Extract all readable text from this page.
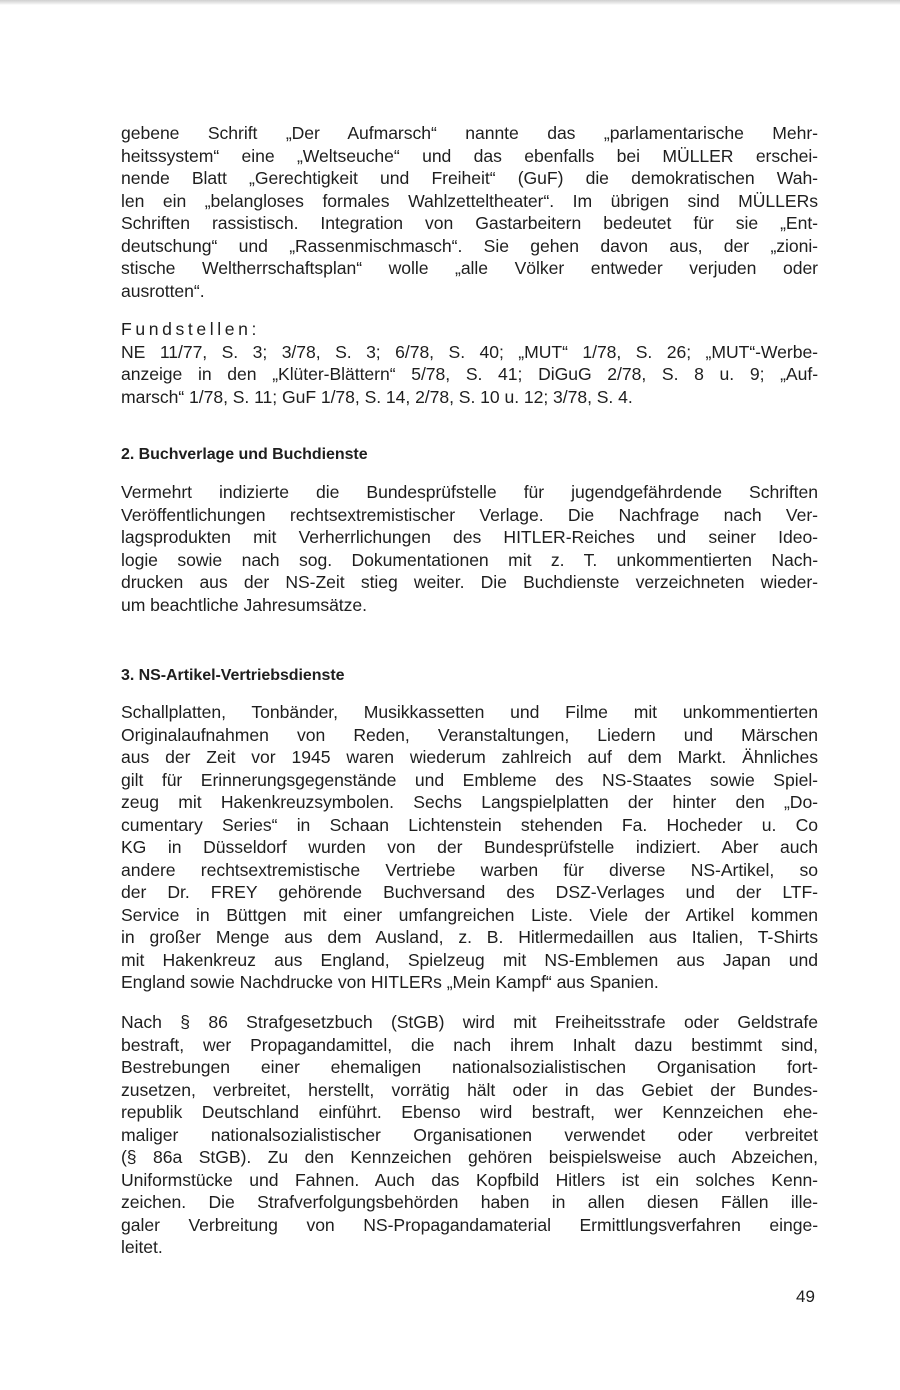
gebene Schrift „Der Aufmarsch“ nannte das „parlamentarische Mehr-
heitssystem“ eine „Weltseuche“ und das ebenfalls bei MÜLLER erschei-
nende Blatt „Gerechtigkeit und Freiheit“ (GuF) die demokratischen Wah-
len ein „belangloses formales Wahlzetteltheater“. Im übrigen sind MÜLLERs
Schriften rassistisch. Integration von Gastarbeitern bedeutet für sie „Ent-
deutschung“ und „Rassenmischmasch“. Sie gehen davon aus, der „zioni-
stische Weltherrschaftsplan“ wolle „alle Völker entweder verjuden oder
ausrotten“.
Fundstellen:
NE 11/77, S. 3; 3/78, S. 3; 6/78, S. 40; „MUT“ 1/78, S. 26; „MUT“-Werbe-
anzeige in den „Klüter-Blättern“ 5/78, S. 41; DiGuG 2/78, S. 8 u. 9; „Auf-
marsch“ 1/78, S. 11; GuF 1/78, S. 14, 2/78, S. 10 u. 12; 3/78, S. 4.
2. Buchverlage und Buchdienste
Vermehrt indizierte die Bundesprüfstelle für jugendgefährdende Schriften
Veröffentlichungen rechtsextremistischer Verlage. Die Nachfrage nach Ver-
lagsprodukten mit Verherrlichungen des HITLER-Reiches und seiner Ideo-
logie sowie nach sog. Dokumentationen mit z. T. unkommentierten Nach-
drucken aus der NS-Zeit stieg weiter. Die Buchdienste verzeichneten wieder-
um beachtliche Jahresumsätze.
3. NS-Artikel-Vertriebsdienste
Schallplatten, Tonbänder, Musikkassetten und Filme mit unkommentierten
Originalaufnahmen von Reden, Veranstaltungen, Liedern und Märschen
aus der Zeit vor 1945 waren wiederum zahlreich auf dem Markt. Ähnliches
gilt für Erinnerungsgegenstände und Embleme des NS-Staates sowie Spiel-
zeug mit Hakenkreuzsymbolen. Sechs Langspielplatten der hinter den „Do-
cumentary Series“ in Schaan Lichtenstein stehenden Fa. Hocheder u. Co
KG in Düsseldorf wurden von der Bundesprüfstelle indiziert. Aber auch
andere rechtsextremistische Vertriebe warben für diverse NS-Artikel, so
der Dr. FREY gehörende Buchversand des DSZ-Verlages und der LTF-
Service in Büttgen mit einer umfangreichen Liste. Viele der Artikel kommen
in großer Menge aus dem Ausland, z. B. Hitlermedaillen aus Italien, T-Shirts
mit Hakenkreuz aus England, Spielzeug mit NS-Emblemen aus Japan und
England sowie Nachdrucke von HITLERs „Mein Kampf“ aus Spanien.
Nach § 86 Strafgesetzbuch (StGB) wird mit Freiheitsstrafe oder Geldstrafe
bestraft, wer Propagandamittel, die nach ihrem Inhalt dazu bestimmt sind,
Bestrebungen einer ehemaligen nationalsozialistischen Organisation fort-
zusetzen, verbreitet, herstellt, vorrätig hält oder in das Gebiet der Bundes-
republik Deutschland einführt. Ebenso wird bestraft, wer Kennzeichen ehe-
maliger nationalsozialistischer Organisationen verwendet oder verbreitet
(§ 86a StGB). Zu den Kennzeichen gehören beispielsweise auch Abzeichen,
Uniformstücke und Fahnen. Auch das Kopfbild Hitlers ist ein solches Kenn-
zeichen. Die Strafverfolgungsbehörden haben in allen diesen Fällen ille-
galer Verbreitung von NS-Propagandamaterial Ermittlungsverfahren einge-
leitet.
49
